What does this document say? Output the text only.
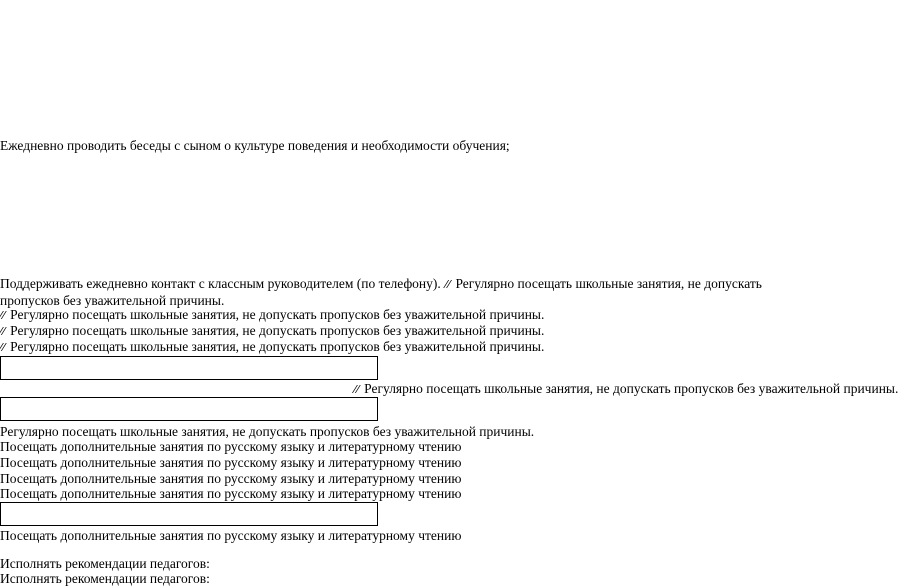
Ежедневно проводить беседы с сыном о культуре поведения и необходимости обучения;
Поддерживать ежедневно контакт с классным руководителем (по телефону). ⁄⁄ Регулярно посещать школьные занятия, не допускать пропусков без уважительной причины.
⁄⁄ Регулярно посещать школьные занятия, не допускать пропусков без уважительной причины.
⁄⁄ Регулярно посещать школьные занятия, не допускать пропусков без уважительной причины.
⁄⁄ Регулярно посещать школьные занятия, не допускать пропусков без уважительной причины.
⁄⁄ Регулярно посещать школьные занятия, не допускать пропусков без уважительной причины.
Регулярно посещать школьные занятия, не допускать пропусков без уважительной причины.
Посещать дополнительные занятия по русскому языку и литературному чтению
Посещать дополнительные занятия по русскому языку и литературному чтению
Посещать дополнительные занятия по русскому языку и литературному чтению
Посещать дополнительные занятия по русскому языку и литературному чтению
Посещать дополнительные занятия по русскому языку и литературному чтению
Исполнять рекомендации педагогов:
Исполнять рекомендации педагогов:
